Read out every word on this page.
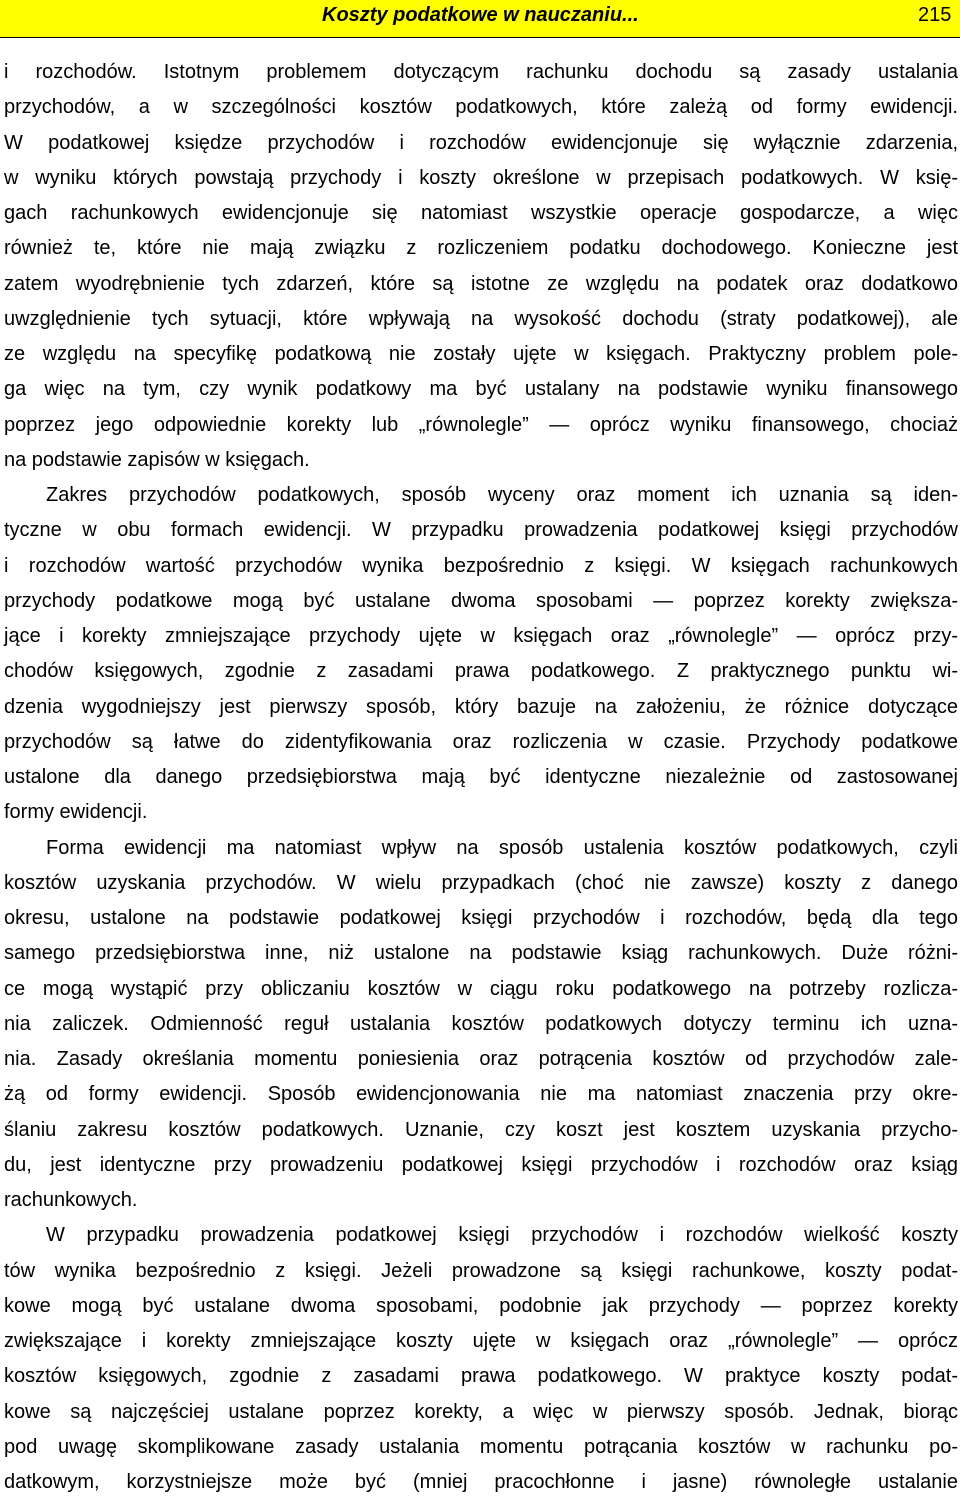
Koszty podatkowe w nauczaniu...	215
i rozchodów. Istotnym problemem dotyczącym rachunku dochodu są zasady ustalania
przychodów, a w szczególności kosztów podatkowych, które zależą od formy ewidencji.
W podatkowej księdze przychodów i rozchodów ewidencjonuje się wyłącznie zdarzenia,
w wyniku których powstają przychody i koszty określone w przepisach podatkowych. W księ-
gach rachunkowych ewidencjonuje się natomiast wszystkie operacje gospodarcze, a więc
również te, które nie mają związku z rozliczeniem podatku dochodowego. Konieczne jest
zatem wyodrębnienie tych zdarzeń, które są istotne ze względu na podatek oraz dodatkowo
uwzględnienie tych sytuacji, które wpływają na wysokość dochodu (straty podatkowej), ale
ze względu na specyfikę podatkową nie zostały ujęte w księgach. Praktyczny problem pole-
ga więc na tym, czy wynik podatkowy ma być ustalany na podstawie wyniku finansowego
poprzez jego odpowiednie korekty lub „równolegle” — oprócz wyniku finansowego, chociaż
na podstawie zapisów w księgach.
Zakres przychodów podatkowych, sposób wyceny oraz moment ich uznania są iden-
tyczne w obu formach ewidencji. W przypadku prowadzenia podatkowej księgi przychodów
i rozchodów wartość przychodów wynika bezpośrednio z księgi. W księgach rachunkowych
przychody podatkowe mogą być ustalane dwoma sposobami — poprzez korekty zwiększa-
jące i korekty zmniejszające przychody ujęte w księgach oraz „równolegle” — oprócz przy-
chodów księgowych, zgodnie z zasadami prawa podatkowego. Z praktycznego punktu wi-
dzenia wygodniejszy jest pierwszy sposób, który bazuje na założeniu, że różnice dotyczące
przychodów są łatwe do zidentyfikowania oraz rozliczenia w czasie. Przychody podatkowe
ustalone dla danego przedsiębiorstwa mają być identyczne niezależnie od zastosowanej
formy ewidencji.
Forma ewidencji ma natomiast wpływ na sposób ustalenia kosztów podatkowych, czyli
kosztów uzyskania przychodów. W wielu przypadkach (choć nie zawsze) koszty z danego
okresu, ustalone na podstawie podatkowej księgi przychodów i rozchodów, będą dla tego
samego przedsiębiorstwa inne, niż ustalone na podstawie ksiąg rachunkowych. Duże różni-
ce mogą wystąpić przy obliczaniu kosztów w ciągu roku podatkowego na potrzeby rozlicza-
nia zaliczek. Odmienność reguł ustalania kosztów podatkowych dotyczy terminu ich uzna-
nia. Zasady określania momentu poniesienia oraz potrącenia kosztów od przychodów zale-
żą od formy ewidencji. Sposób ewidencjonowania nie ma natomiast znaczenia przy okre-
ślaniu zakresu kosztów podatkowych. Uznanie, czy koszt jest kosztem uzyskania przycho-
du, jest identyczne przy prowadzeniu podatkowej księgi przychodów i rozchodów oraz ksiąg
rachunkowych.
W przypadku prowadzenia podatkowej księgi przychodów i rozchodów wielkość koszty
tów wynika bezpośrednio z księgi. Jeżeli prowadzone są księgi rachunkowe, koszty podat-
kowe mogą być ustalane dwoma sposobami, podobnie jak przychody — poprzez korekty
zwiększające i korekty zmniejszające koszty ujęte w księgach oraz „równolegle” — oprócz
kosztów księgowych, zgodnie z zasadami prawa podatkowego. W praktyce koszty podat-
kowe są najczęściej ustalane poprzez korekty, a więc w pierwszy sposób. Jednak, biorąc
pod uwagę skomplikowane zasady ustalania momentu potrącania kosztów w rachunku po-
datkowym, korzystniejsze może być (mniej pracochłonne i jasne) równoległe ustalanie
